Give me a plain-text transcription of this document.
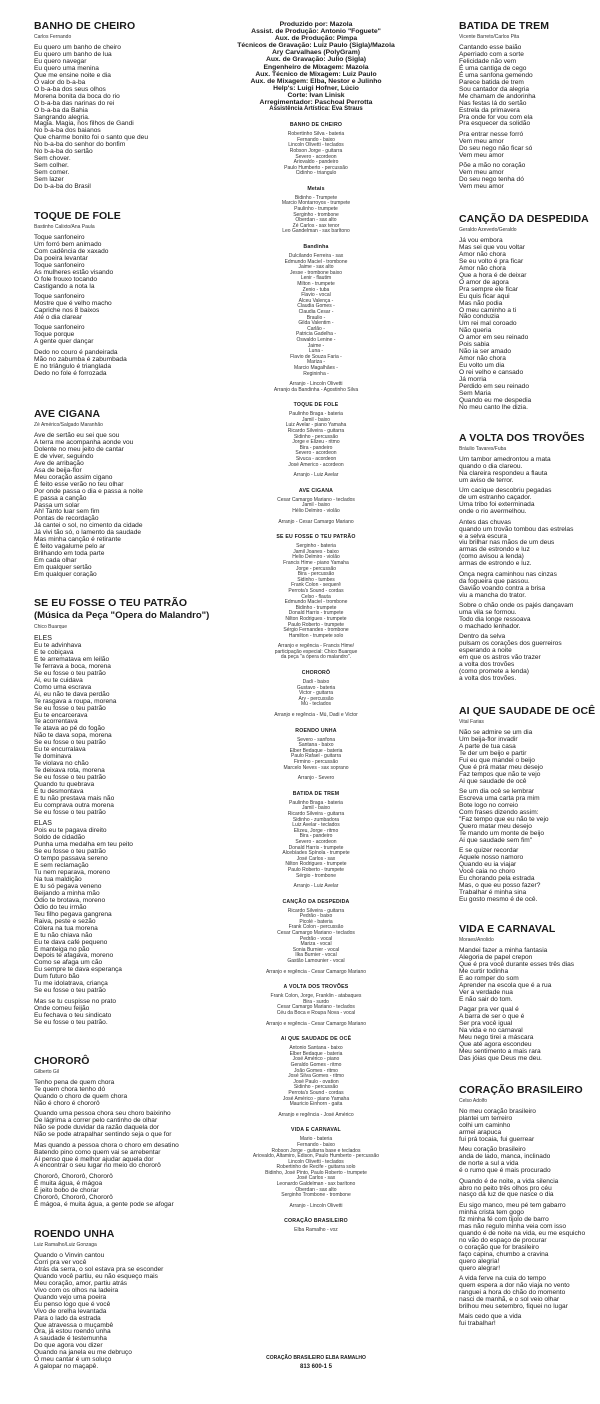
BANHO DE CHEIRO
Carlos Fernando
Eu quero um banho de cheiro
Eu quero um banho de lua
Eu quero navegar
Eu quero uma menina
Que me ensine noite e dia
O valor do b-a-ba
O b-a-ba dos seus olhos
Morena bonita da boca do rio
O b-a-ba das narinas do rei
O b-a-ba da Bahia
Sangrando alegria.
Magia. Magia, nos filhos de Gandi
No b-a-ba dos baianos
Que charme bonito foi o santo que deu
No b-a-ba do senhor do bonfim
No b-a-ba do sertão
Sem chover.
Sem colher.
Sem comer.
Sem lazer
Do b-a-ba do Brasil
TOQUE DE FOLE
Bastinho Calixto/Ana Paula
Toque sanfoneiro
Um forró bem animado
Com cadência de xaxado
Da poeira levantar
Toque sanfoneiro
As mulheres estão visando
O fole frouxo tocando
Castigando a nota la
Toque sanfoneiro
Mostre que é velho macho
Capriche nos 8 baixos
Até o dia clarear
Toque sanfoneiro
Toque porque
A gente quer dançar
Dedo no couro é pandeirada
Mão no zabumba é zabumbada
E no triângulo é trianglada
Dedo no fole é forrozada
AVE CIGANA
Zé Américo/Salgado Maranhão
Ave de sertão eu sei que sou
A terra me acompanha aonde vou
Dolente no meu jeito de cantar
E de viver, seguindo
Ave de arribação
Asa de beija-flor
Meu coração assim cigano
É feito esse verão no teu olhar
Por onde passa o dia e passa a noite
E passa a canção
Passa um solar
Ah! Tanto luar sem fim
Pontas de recordação
Já cantei o sol, no cimento da cidade
Já vivi tão só, o lamento da saudade
Mas minha canção é retirante
É feito vagalume pelo ar
Brilhando em toda parte
Em cada olhar
Em qualquer sertão
Em qualquer coração
SE EU FOSSE O TEU PATRÃO
(Música da Peça "Opera do Malandro")
Chico Buarque
ELES
Eu te advinhava
E te cobiçava
E te arrematava em leilão
Te ferrava a boca, morena
Se eu fosse o teu patrão
Ai, eu te cuidava
Como uma escrava
Ai, eu não te dava perdão
Te rasgava a roupa, morena
Se eu fosse o teu patrão
Eu te encarcerava
Te acorrentava
Te atava ao pé do fogão
Não te dava sopa, morena
Se eu fosse o teu patrão
Eu te encurralava
Te dominava
Te violava no chão
Te deixava rota, morena
Se eu fosse o teu patrão
Quando tu quebrava
E tu desmontava
E tu não prestava mais não
Eu comprava outra morena
Se eu fosse o teu patrão
ELAS
Pois eu te pagava direito
Soldo de cidadão
Punha uma medalha em teu peito
Se eu fosse o teu patrão
O tempo passava sereno
E sem reclamação
Tu nem reparava, moreno
Na tua maldição
E tu só pegava veneno
Beijando a minha mão
Ódio te brotava, moreno
Ódio do teu irmão
Teu filho pegava gangrena
Raiva, peste e sezão
Cólera na tua morena
E tu não chiava não
Eu te dava café pequeno
E manteiga no pão
Depois te afagava, moreno
Como se afaga um cão
Eu sempre te dava esperança
Dum futuro bão
Tu me idolatrava, criança
Se eu fosse o teu patrão
Mas se tu cuspisse no prato
Onde comeu feijão
Eu fechava o teu sindicato
Se eu fosse o teu patrão.
CHORORÔ
Gilberto Gil
Tenho pena de quem chora
Te quem chora tenho dó
Quando o choro de quem chora
Não é choro é chororô
Quando uma pessoa chora seu choro baixinho
De lágrima a correr pelo cantinho de olhar
Não se pode duvidar da razão daquela dor
Não se pode atrapalhar sentindo seja o que for
Mas quando a pessoa chora o choro em desatino
Batendo pino como quem vai se arrebentar
Aí penso que é melhor ajudar aquela dor
A encontrar o seu lugar no meio do chororô
Chororô, Chororô, Chororô
É muita água, é mágoa
É jeito bobo de chorar
Chororô, Chororô, Chororô
É mágoa, é muita água, a gente pode se afogar
ROENDO UNHA
Luiz Ramalho/Luiz Gonzaga
Quando o Vinvin cantou
Corri pra ver você
Atrás da serra, o sol estava pra se esconder
Quando você partiu, eu não esqueço mais
Meu coração, amor, partiu atrás
Vivo com os olhos na ladeira
Quando vejo uma poeira
Eu penso logo que é você
Vivo de orelha levantada
Para o lado da estrada
Que atravessa o muçambê
Ora, já estou roendo unha
A saudade é testemunha
Do que agora vou dizer
Quando na janela eu me debruço
O meu cantar é um soluço
A galopar no maçapê.
BATIDA DE TREM
Vicente Barreto/Carlos Pita
Cantando esse baião
Aperriado com a sorte
Felicidade não vem
É uma cantiga de cego
É uma sanfona gemendo
Parece batida de trem
Sou cantador da alegria
Me chamam de andorinha
Nas festas lá do sertão
Estrela da primavera
Pra onde for vou com ela
Pra esquecer da solidão
Pra entrar nesse forró
Vem meu amor
Do seu nego não ficar só
Vem meu amor
Põe a mão no coração
Vem meu amor
Do seu nego tenha dó
Vem meu amor
CANÇÃO DA DESPEDIDA
Geraldo Azevedo/Geraldo
Já vou embora
Mas sei que vou voltar
Amor não chora
Se eu volto é pra ficar
Amor não chora
Que a hora é de deixar
O amor de agora
Pra sempre ele ficar
Eu quis ficar aqui
Mas não podia
O meu caminho a ti
Não conduzia
Um rei mal coroado
Não queria
O amor em seu reinado
Pois sabia
Não ia ser amado
Amor não chora
Eu volto um dia
O rei velho e cansado
Já morria
Perdido em seu reinado
Sem Maria
Quando eu me despedia
No meu canto lhe dizia.
A VOLTA DOS TROVÕES
Bráulio Tavares/Fuba
Um tambor amedrontou a mata
quando o dia clareou.
Na clareira respondeu a flauta
um aviso de terror.
Um cacique descobriu pegadas
de um estranho caçador.
Uma tribo foi exterminada
onde o rio avermelhou.
Antes das chuvas
quando um trovão tombou das estrelas
e a selva escura
viu brilhar nas mãos de um deus
armas de estrondo e luz
(como avisou a lenda)
armas de estrondo e luz.
Onça negra caminhou nas cinzas
da fogueira que passou.
Gavião voando contra a brisa
viu a mancha do trator.
Sobre o chão onde os pajés dançavam
uma vila se formou.
Todo dia longe ressoava
o machado lenhador.
Dentro da selva
pulsam os corações dos guerreiros
esperando a noite
em que os astros vão trazer
a volta dos trovões
(como promete a lenda)
a volta dos trovões.
AI QUE SAUDADE DE OCÊ
Vital Farias
Não se admire se um dia
Um beija-flor invadir
A parte de tua casa
Te der um beijo e partir
Fui eu que mandei o beijo
Que é prá matar meu desejo
Faz tempos que não te vejo
Ai que saudade de ocê
Se um dia ocê se lembrar
Escreva uma carta pra mim
Bote logo no correio
Com frases dizendo assim:
"Faz tempo que eu não te vejo
Quero matar meu desejo
Te mando um monte de beijo
Ai que saudade sem fim"
E se quizer recordar
Aquele nosso namoro
Quando eu ia viajar
Você caia no choro
Eu chorando pela estrada
Mas, o que eu posso fazer?
Trabalhar é minha sina
Eu gosto mesmo é de ocê.
VIDA E CARNAVAL
Moraes/Anolido
Mandei fazer a minha fantasia
Alegoria de papel crepon
Que é pra você durante esses três dias
Me curtir todinha
E ao romper do som
Aprender na escola que é a rua
Ver a verdade nua
E não sair do tom.
Pagar pra ver qual é
A barra de ser o que é
Ser pra você igual
Na vida e no carnaval
Meu nego tirei a máscara
Que até agora escondeu
Meu sentimento a mais rara
Das jóias que Deus me deu.
CORAÇÃO BRASILEIRO
Celso Adolfo
No meu coração brasileiro
plantei um terreiro
colhi um caminho
armei arapuca
fui prá tocaia, fui guerrear
Meu coração brasileiro
anda de lado, manca, inclinado
de norte a sul a vida
é o rumo que é mais procurado
Quando é de noite, a vida silencia
abro no peito três olhos pro céu
nasço da luz de que nasce o dia
Eu sigo manco, meu pé tem gabarro
minha crista tem gogo
fiz minha fé com tijolo de barro
mas não regulo minha veia com isso
quando é de noite na vida, eu me esquicho
no vão do espaço de procurar
o coração que for brasileiro
faço capina, chumbo a cravina
quero alegria!
quero alegrar!
A vida ferve na cuia do tempo
quem espera a dor não viaja no vento
ranguei a hora do chão do momento
nasci de manhã, e o sol veio olhar
brilhou meu setembro, fiquei no lugar
Mais cedo que a vida
fui trabalhar!
Produzido por: Mazola
Assist. de Produção: Antonio "Foguete"
Aux. de Produção: Pimpa
Técnicos de Gravação: Luiz Paulo (Sigla)/Mazola
Ary Carvalhaes (PolyGram)
Aux. de Gravação: Julio (Sigla)
Engenheiro de Mixagem: Mazola
Aux. Técnico de Mixagem: Luiz Paulo
Aux. de Mixagem: Elba, Nestor e Julinho
Help's: Luigi Hofner, Lúcio
Corte: Ivan Linisk
Arregimentador: Paschoal Perrotta
Assistência Artística: Eva Straus
BANHO DE CHEIRO
Robertinho Silva - bateria
Fernando - baixo
Lincoln Olivetti - teclados
Robson Jorge - guitarra
Severo - acordeon
Ariovaldo - pandeiro
Paulo Humberto - percussão
Cidinho - triangulo
Metais
Bidinho - Trumpete
Marcio Montarroyos - trumpete
Paulinho - trumpete
Serginho - trombone
Oberdan - sax alto
Zé Carlos - sax tenor
Leo Gandelman - sax barítono
Bandinha
Dulcilando Ferreira - sax
Edmundo Maciel - trombone
Jaime - sax alto
Jesse - trombone baixo
Lenir - flautim
Milton - trumpete
Zenio - tuba
Flavio - vocal
Alceu Valença -
Claudia Gomes -
Claudia Cesar -
Braulio -
Gilda Valentim -
Carlão -
Patricia Gadelha -
Oswaldo Lenine -
Jaime -
Luna -
Flavio de Souza Faria -
Mariza -
Marcio Magalhães -
Regininha -
Arranjo - Lincoln Olivetti
Arranjo da Bandinha - Agostinho Silva
TOQUE DE FOLE
Paulinho Braga - bateria
Jamil - baixo
Luiz Avelar - piano Yamaha
Ricardo Silveira - guitarra
Sidinho - percussão
Jorge e Elizeu - ritmo
Bira - pandeiro
Severo - acordeon
Sivuca - acordeon
José Americo - acordeon
Arranjo - Luiz Avelar
AVE CIGANA
Cesar Camargo Mariano - teclados
Jamil - baixo
Hélio Delmiro - violão
Arranjo - Cesar Camargo Mariano
SE EU FOSSE O TEU PATRÃO
Serginho - bateria
Jamil Joanes - baixo
Helio Delmiro - violão
Francis Hime - piano Yamaha
Jorge - percussão
Bira - percussão
Sidinho - tumbes
Frank Colon - sequerê
Perrota's Sound - cordas
Celso - flauta
Edmundo Maciel - trombone
Bidinho - trumpete
Donald Harris - trumpete
Nilton Rodrigues - trumpete
Paulo Roberto - trumpete
Sérgio Fernandes - trombone
Hamilton - trumpete solo
Arranjo e regência - Francis Hime/
participação especial: Chico Buarque
da peça "a ópera do malandro".
CHORORÔ
Dadi - baixo
Gustavo - bateria
Victor - guitarra
Ary - percussão
Mú - teclados
Arranjo e regência - Mú, Dadi e Victor
ROENDO UNHA
Severo - sanfona
Santana - baixo
Elber Bedaque - bateria
Paulo Rafael - guitarra
Firmino - percussão
Marcelo Neves - sax soprano
Arranjo - Severo
BATIDA DE TREM
Paulinho Braga - bateria
Jamil - baixo
Ricardo Silveira - guitarra
Sidinho - zumbadora
Luiz Avelar - teclados
Elizeu, Jorge - ritmo
Bira - pandeiro
Severo - acordeon
Donald Harris - trumpete
Alcebíades Spínola - trumpete
José Carlos - sax
Nilton Rodrigues - trumpete
Paulo Roberto - trumpete
Sérgio - trombone
Arranjo - Luiz Avelar
CANÇÃO DA DESPEDIDA
Ricardo Silveira - guitarra
Pedrão - baixo
Picolé - bateria
Frank Colon - percussão
Cesar Camargo Mariano - teclados
Pedrão - vocal
Mariza - vocal
Sonia Burnier - vocal
Ilka Burnier - vocal
Gastão Lamounier - vocal
Arranjo e regência - Cesar Camargo Mariano
A VOLTA DOS TROVÕES
Frank Colon, Jorge, Franklin - atabaques
Bira - surdo
Cesar Camargo Mariano - teclados
Céu da Boca e Roupa Nova - vocal
Arranjo e regência - Cesar Camargo Mariano
AI QUE SAUDADE DE OCÊ
Antonio Santana - baixo
Elber Bedaque - bateria
José Américo - piano
Geraldo Gomes - ritmo
João Gomes - ritmo
José Silva Gomes - ritmo
José Paulo - ovation
Sidinho - percussão
Perrota's Sound - cordas
José Américo - piano Yamaha
Mauricio Einhorn - gaita
Arranjo e regência - José Américo
VIDA E CARNAVAL
Mario - bateria
Fernando - baixo
Robson Jorge - guitarra base e teclados
Ariovaldo, Altamiro, Edison, Paulo Humberto - percussão
Lincoln Olivetti - teclados
Robertinho de Recife - guitarra solo
Bidinho, José Pinto, Paulo Roberto - trumpete
José Carlos - sax
Leonardo Galdelman - sax barítono
Oberdan - sax alto
Serginho Trombone - trombone
Arranjo - Lincoln Olivetti
CORAÇÃO BRASILEIRO
Elba Ramalho - voz
CORAÇÃO BRASILEIRO ELBA RAMALHO
813 600-1 5
